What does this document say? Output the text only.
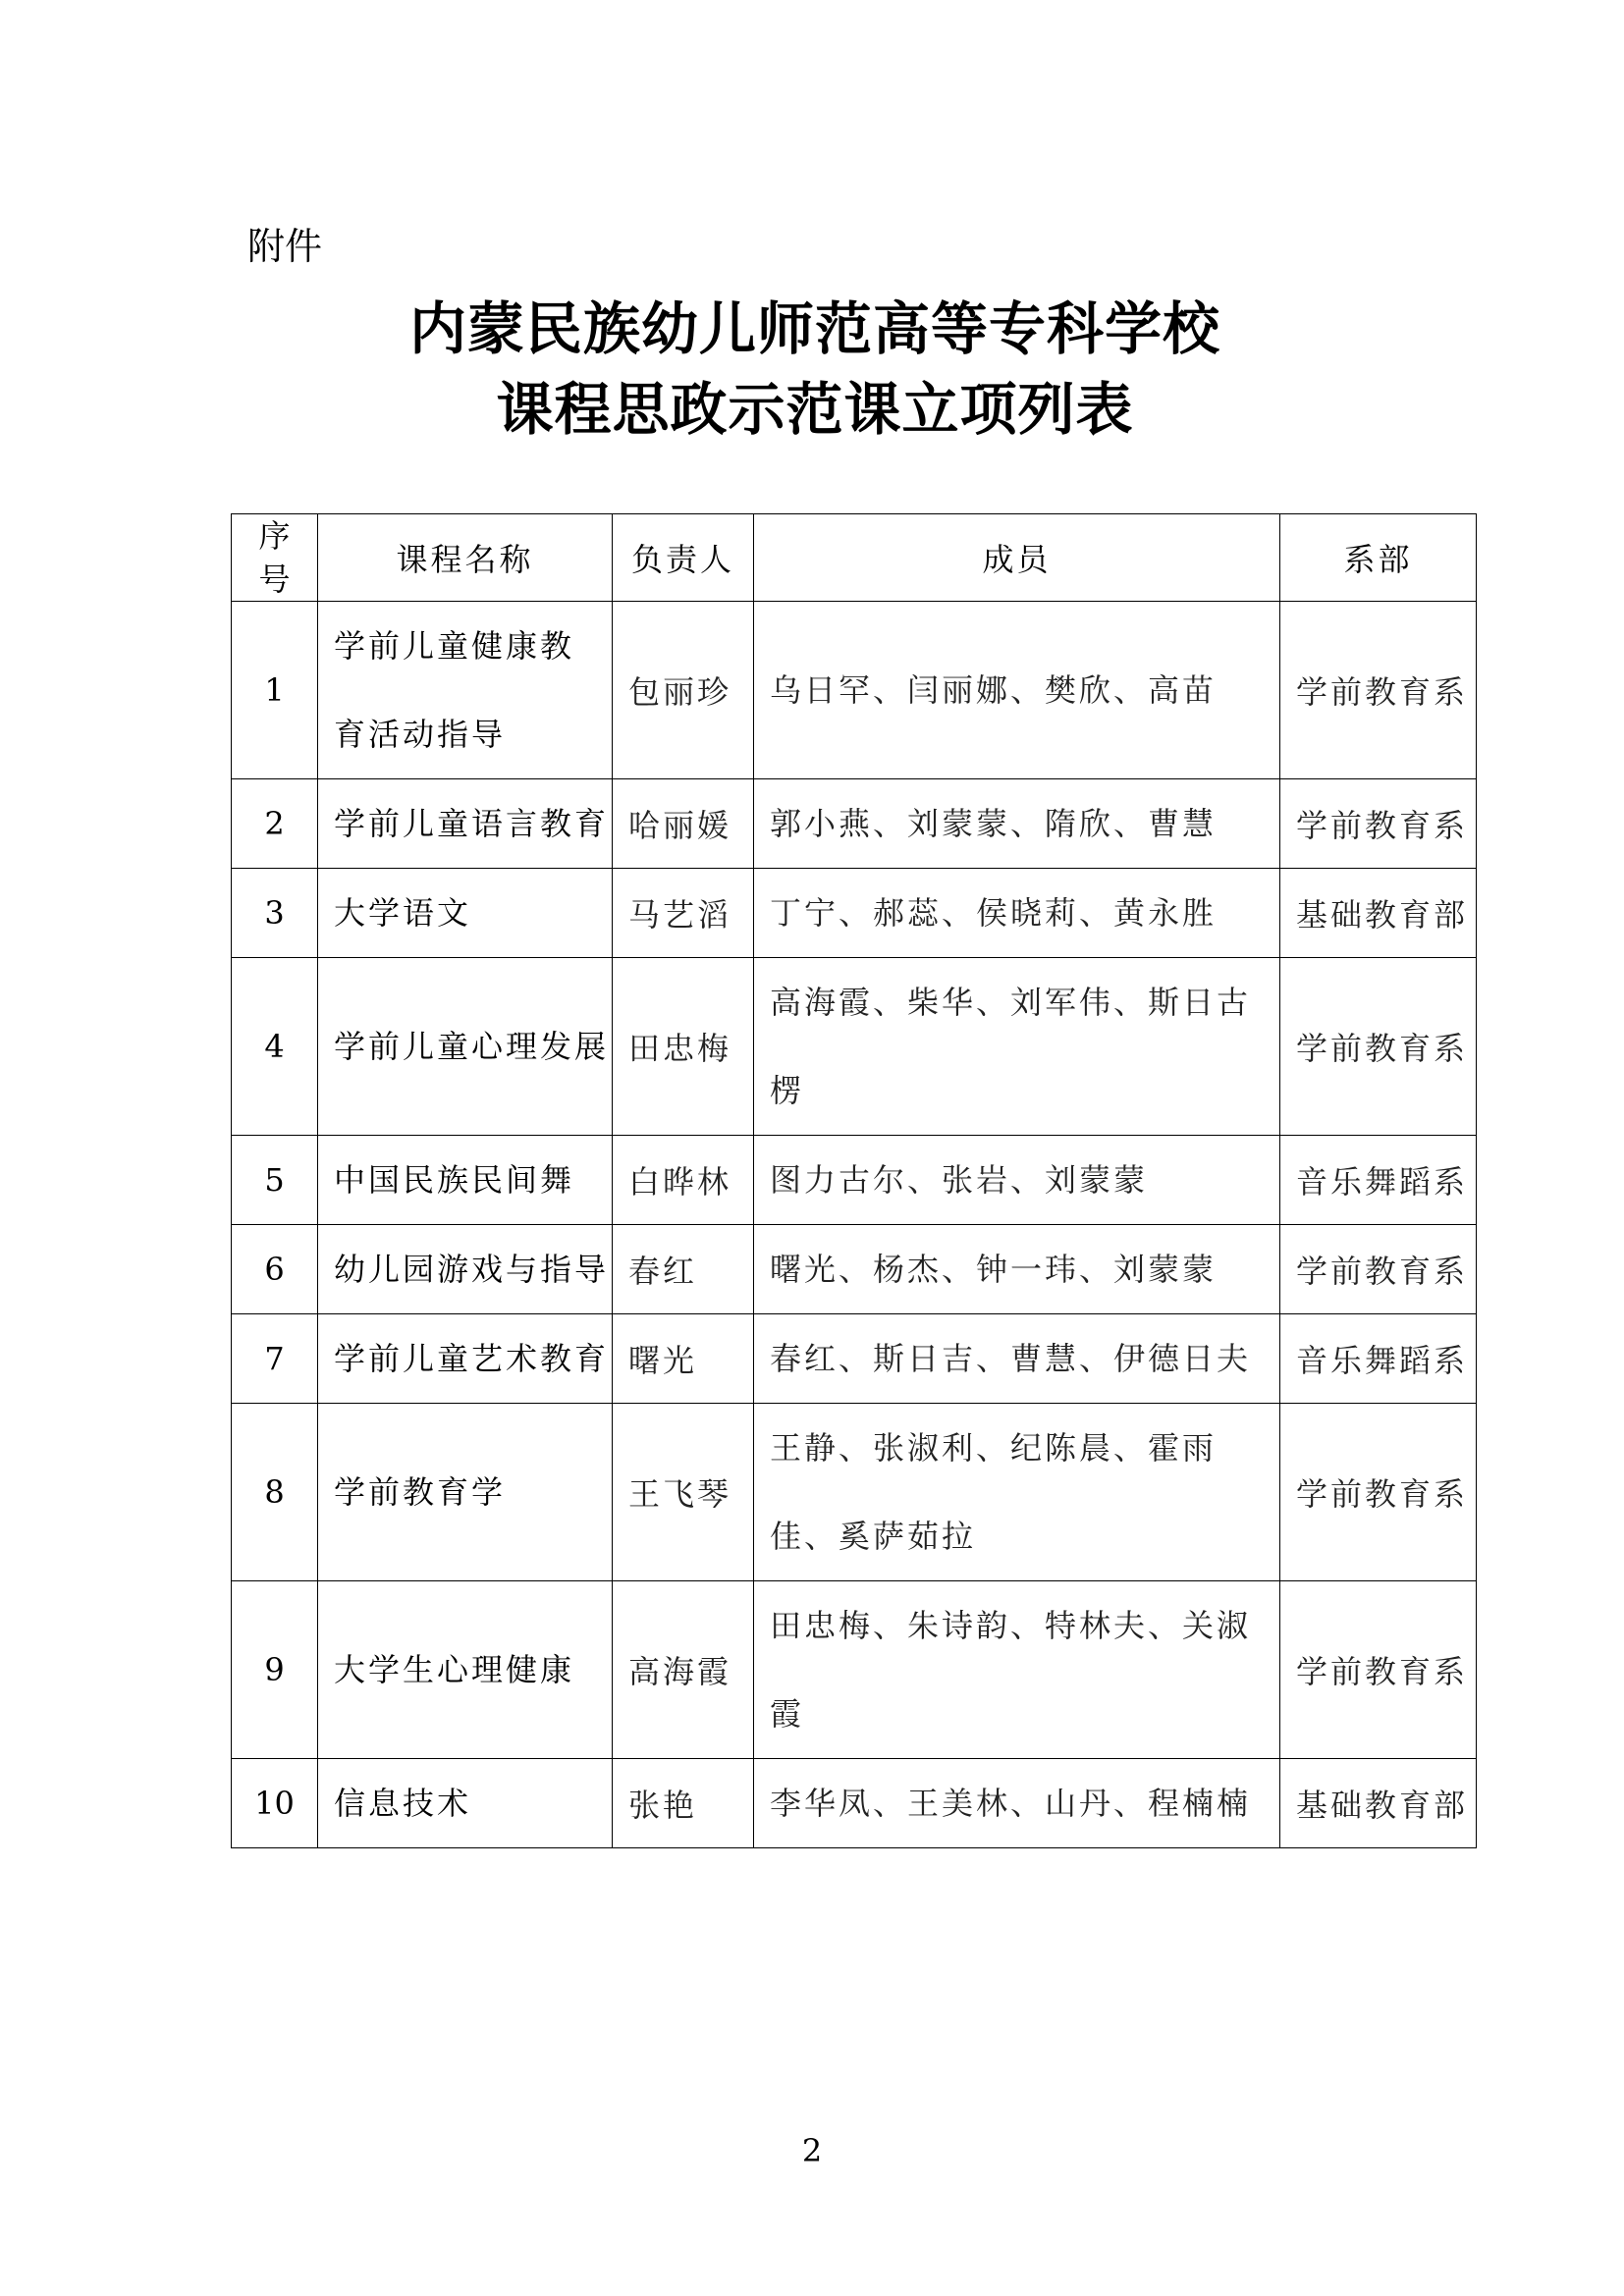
附件
内蒙民族幼儿师范高等专科学校
课程思政示范课立项列表
序
号	课程名称	负责人	成员	系部
1	学前儿童健康教育活动指导	包丽珍	乌日罕、闫丽娜、樊欣、高苗	学前教育系
2	学前儿童语言教育	哈丽媛	郭小燕、刘蒙蒙、隋欣、曹慧	学前教育系
3	大学语文	马艺滔	丁宁、郝蕊、侯晓莉、黄永胜	基础教育部
4	学前儿童心理发展	田忠梅	高海霞、柴华、刘军伟、斯日古楞	学前教育系
5	中国民族民间舞	白晔林	图力古尔、张岩、刘蒙蒙	音乐舞蹈系
6	幼儿园游戏与指导	春红	曙光、杨杰、钟一玮、刘蒙蒙	学前教育系
7	学前儿童艺术教育	曙光	春红、斯日吉、曹慧、伊德日夫	音乐舞蹈系
8	学前教育学	王飞琴	王静、张淑利、纪陈晨、霍雨佳、奚萨茹拉	学前教育系
9	大学生心理健康	高海霞	田忠梅、朱诗韵、特林夫、关淑霞	学前教育系
10	信息技术	张艳	李华凤、王美林、山丹、程楠楠	基础教育部
2
